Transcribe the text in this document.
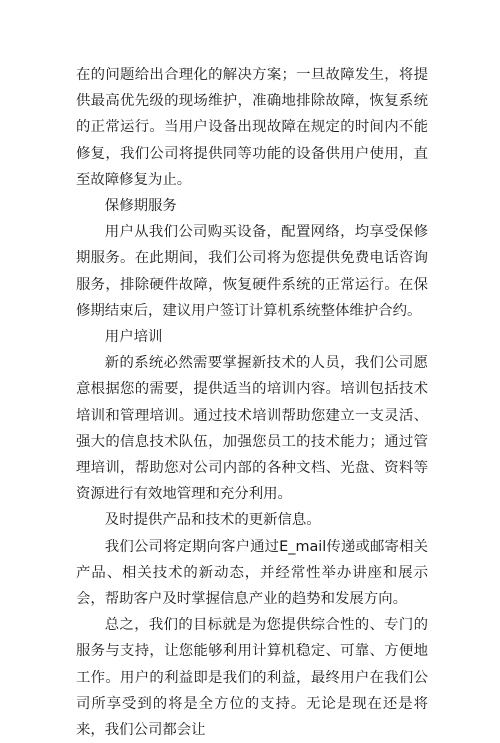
在的问题给出合理化的解决方案；一旦故障发生，将提供最高优先级的现场维护，准确地排除故障，恢复系统的正常运行。当用户设备出现故障在规定的时间内不能修复，我们公司将提供同等功能的设备供用户使用，直至故障修复为止。

保修期服务

用户从我们公司购买设备，配置网络，均享受保修期服务。在此期间，我们公司将为您提供免费电话咨询服务，排除硬件故障，恢复硬件系统的正常运行。在保修期结束后，建议用户签订计算机系统整体维护合约。

用户培训

新的系统必然需要掌握新技术的人员，我们公司愿意根据您的需要，提供适当的培训内容。培训包括技术培训和管理培训。通过技术培训帮助您建立一支灵活、强大的信息技术队伍，加强您员工的技术能力；通过管理培训，帮助您对公司内部的各种文档、光盘、资料等资源进行有效地管理和充分利用。

及时提供产品和技术的更新信息。

我们公司将定期向客户通过E_mail传递或邮寄相关产品、相关技术的新动态，并经常性举办讲座和展示会，帮助客户及时掌握信息产业的趋势和发展方向。

总之，我们的目标就是为您提供综合性的、专门的服务与支持，让您能够利用计算机稳定、可靠、方便地工作。用户的利益即是我们的利益，最终用户在我们公司所享受到的将是全方位的支持。无论是现在还是将来，我们公司都会让
